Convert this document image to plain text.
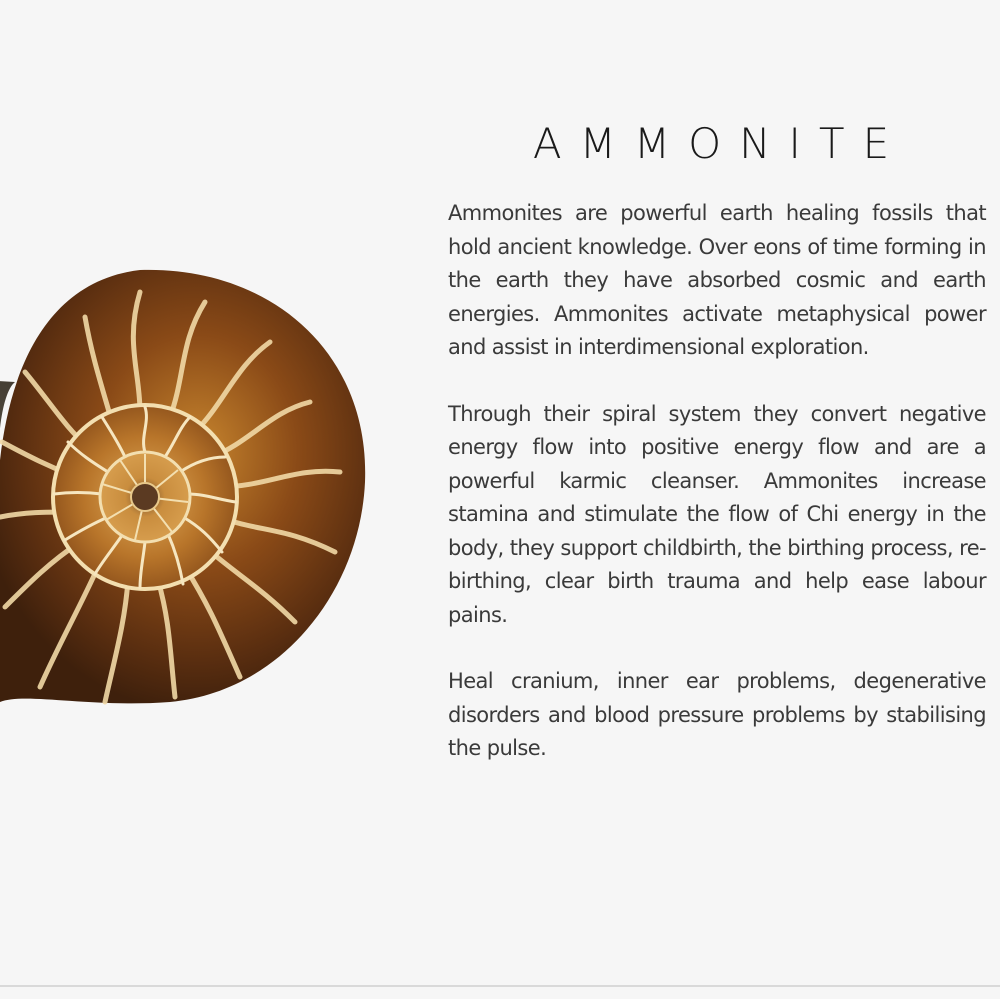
AMMONITE

Ammonites are powerful earth healing fossils that hold ancient knowledge. Over eons of time forming in the earth they have absorbed cosmic and earth energies. Ammonites activate metaphysical power and assist in interdimensional exploration.

Through their spiral system they convert negative energy flow into positive energy flow and are a powerful karmic cleanser. Ammonites increase stamina and stimulate the flow of Chi energy in the body, they support childbirth, the birthing process, re-birthing, clear birth trauma and help ease labour pains.

Heal cranium, inner ear problems, degenerative disorders and blood pressure problems by stabilising the pulse.
